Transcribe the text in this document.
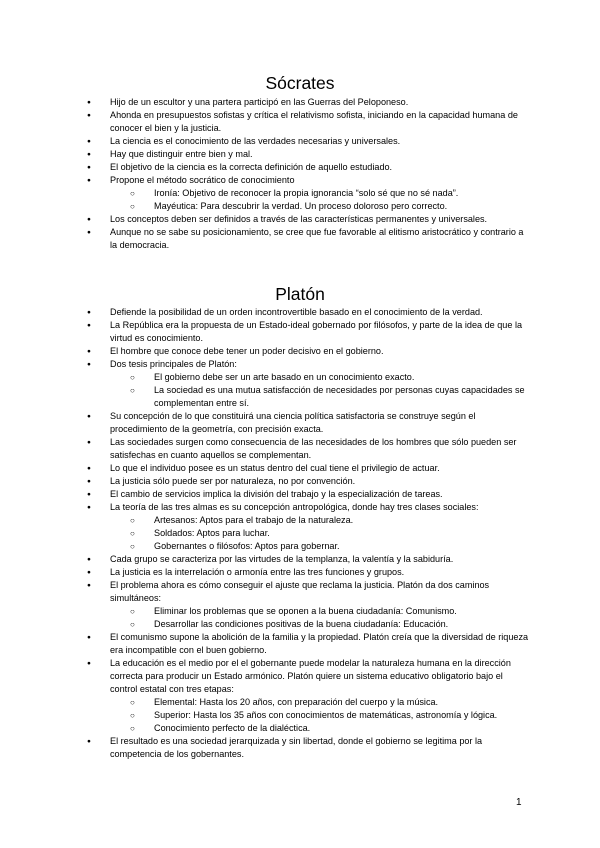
Sócrates
● Hijo de un escultor y una partera participó en las Guerras del Peloponeso.
● Ahonda en presupuestos sofistas y crítica el relativismo sofista, iniciando en la capacidad humana de conocer el bien y la justicia.
● La ciencia es el conocimiento de las verdades necesarias y universales.
● Hay que distinguir entre bien y mal.
● El objetivo de la ciencia es la correcta definición de aquello estudiado.
● Propone el método socrático de conocimiento
○ Ironía: Objetivo de reconocer la propia ignorancia “solo sé que no sé nada”.
○ Mayéutica: Para descubrir la verdad. Un proceso doloroso pero correcto.
● Los conceptos deben ser definidos a través de las características permanentes y universales.
● Aunque no se sabe su posicionamiento, se cree que fue favorable al elitismo aristocrático y contrario a la democracia.
Platón
● Defiende la posibilidad de un orden incontrovertible basado en el conocimiento de la verdad.
● La República era la propuesta de un Estado-ideal gobernado por filósofos, y parte de la idea de que la virtud es conocimiento.
● El hombre que conoce debe tener un poder decisivo en el gobierno.
● Dos tesis principales de Platón:
○ El gobierno debe ser un arte basado en un conocimiento exacto.
○ La sociedad es una mutua satisfacción de necesidades por personas cuyas capacidades se complementan entre sí.
● Su concepción de lo que constituirá una ciencia política satisfactoria se construye según el procedimiento de la geometría, con precisión exacta.
● Las sociedades surgen como consecuencia de las necesidades de los hombres que sólo pueden ser satisfechas en cuanto aquellos se complementan.
● Lo que el individuo posee es un status dentro del cual tiene el privilegio de actuar.
● La justicia sólo puede ser por naturaleza, no por convención.
● El cambio de servicios implica la división del trabajo y la especialización de tareas.
● La teoría de las tres almas es su concepción antropológica, donde hay tres clases sociales:
○ Artesanos: Aptos para el trabajo de la naturaleza.
○ Soldados: Aptos para luchar.
○ Gobernantes o filósofos: Aptos para gobernar.
● Cada grupo se caracteriza por las virtudes de la templanza, la valentía y la sabiduría.
● La justicia es la interrelación o armonía entre las tres funciones y grupos.
● El problema ahora es cómo conseguir el ajuste que reclama la justicia. Platón da dos caminos simultáneos:
○ Eliminar los problemas que se oponen a la buena ciudadanía: Comunismo.
○ Desarrollar las condiciones positivas de la buena ciudadanía: Educación.
● El comunismo supone la abolición de la familia y la propiedad. Platón creía que la diversidad de riqueza era incompatible con el buen gobierno.
● La educación es el medio por el el gobernante puede modelar la naturaleza humana en la dirección correcta para producir un Estado armónico. Platón quiere un sistema educativo obligatorio bajo el control estatal con tres etapas:
○ Elemental: Hasta los 20 años, con preparación del cuerpo y la música.
○ Superior: Hasta los 35 años con conocimientos de matemáticas, astronomía y lógica.
○ Conocimiento perfecto de la dialéctica.
● El resultado es una sociedad jerarquizada y sin libertad, donde el gobierno se legitima por la competencia de los gobernantes.
1
